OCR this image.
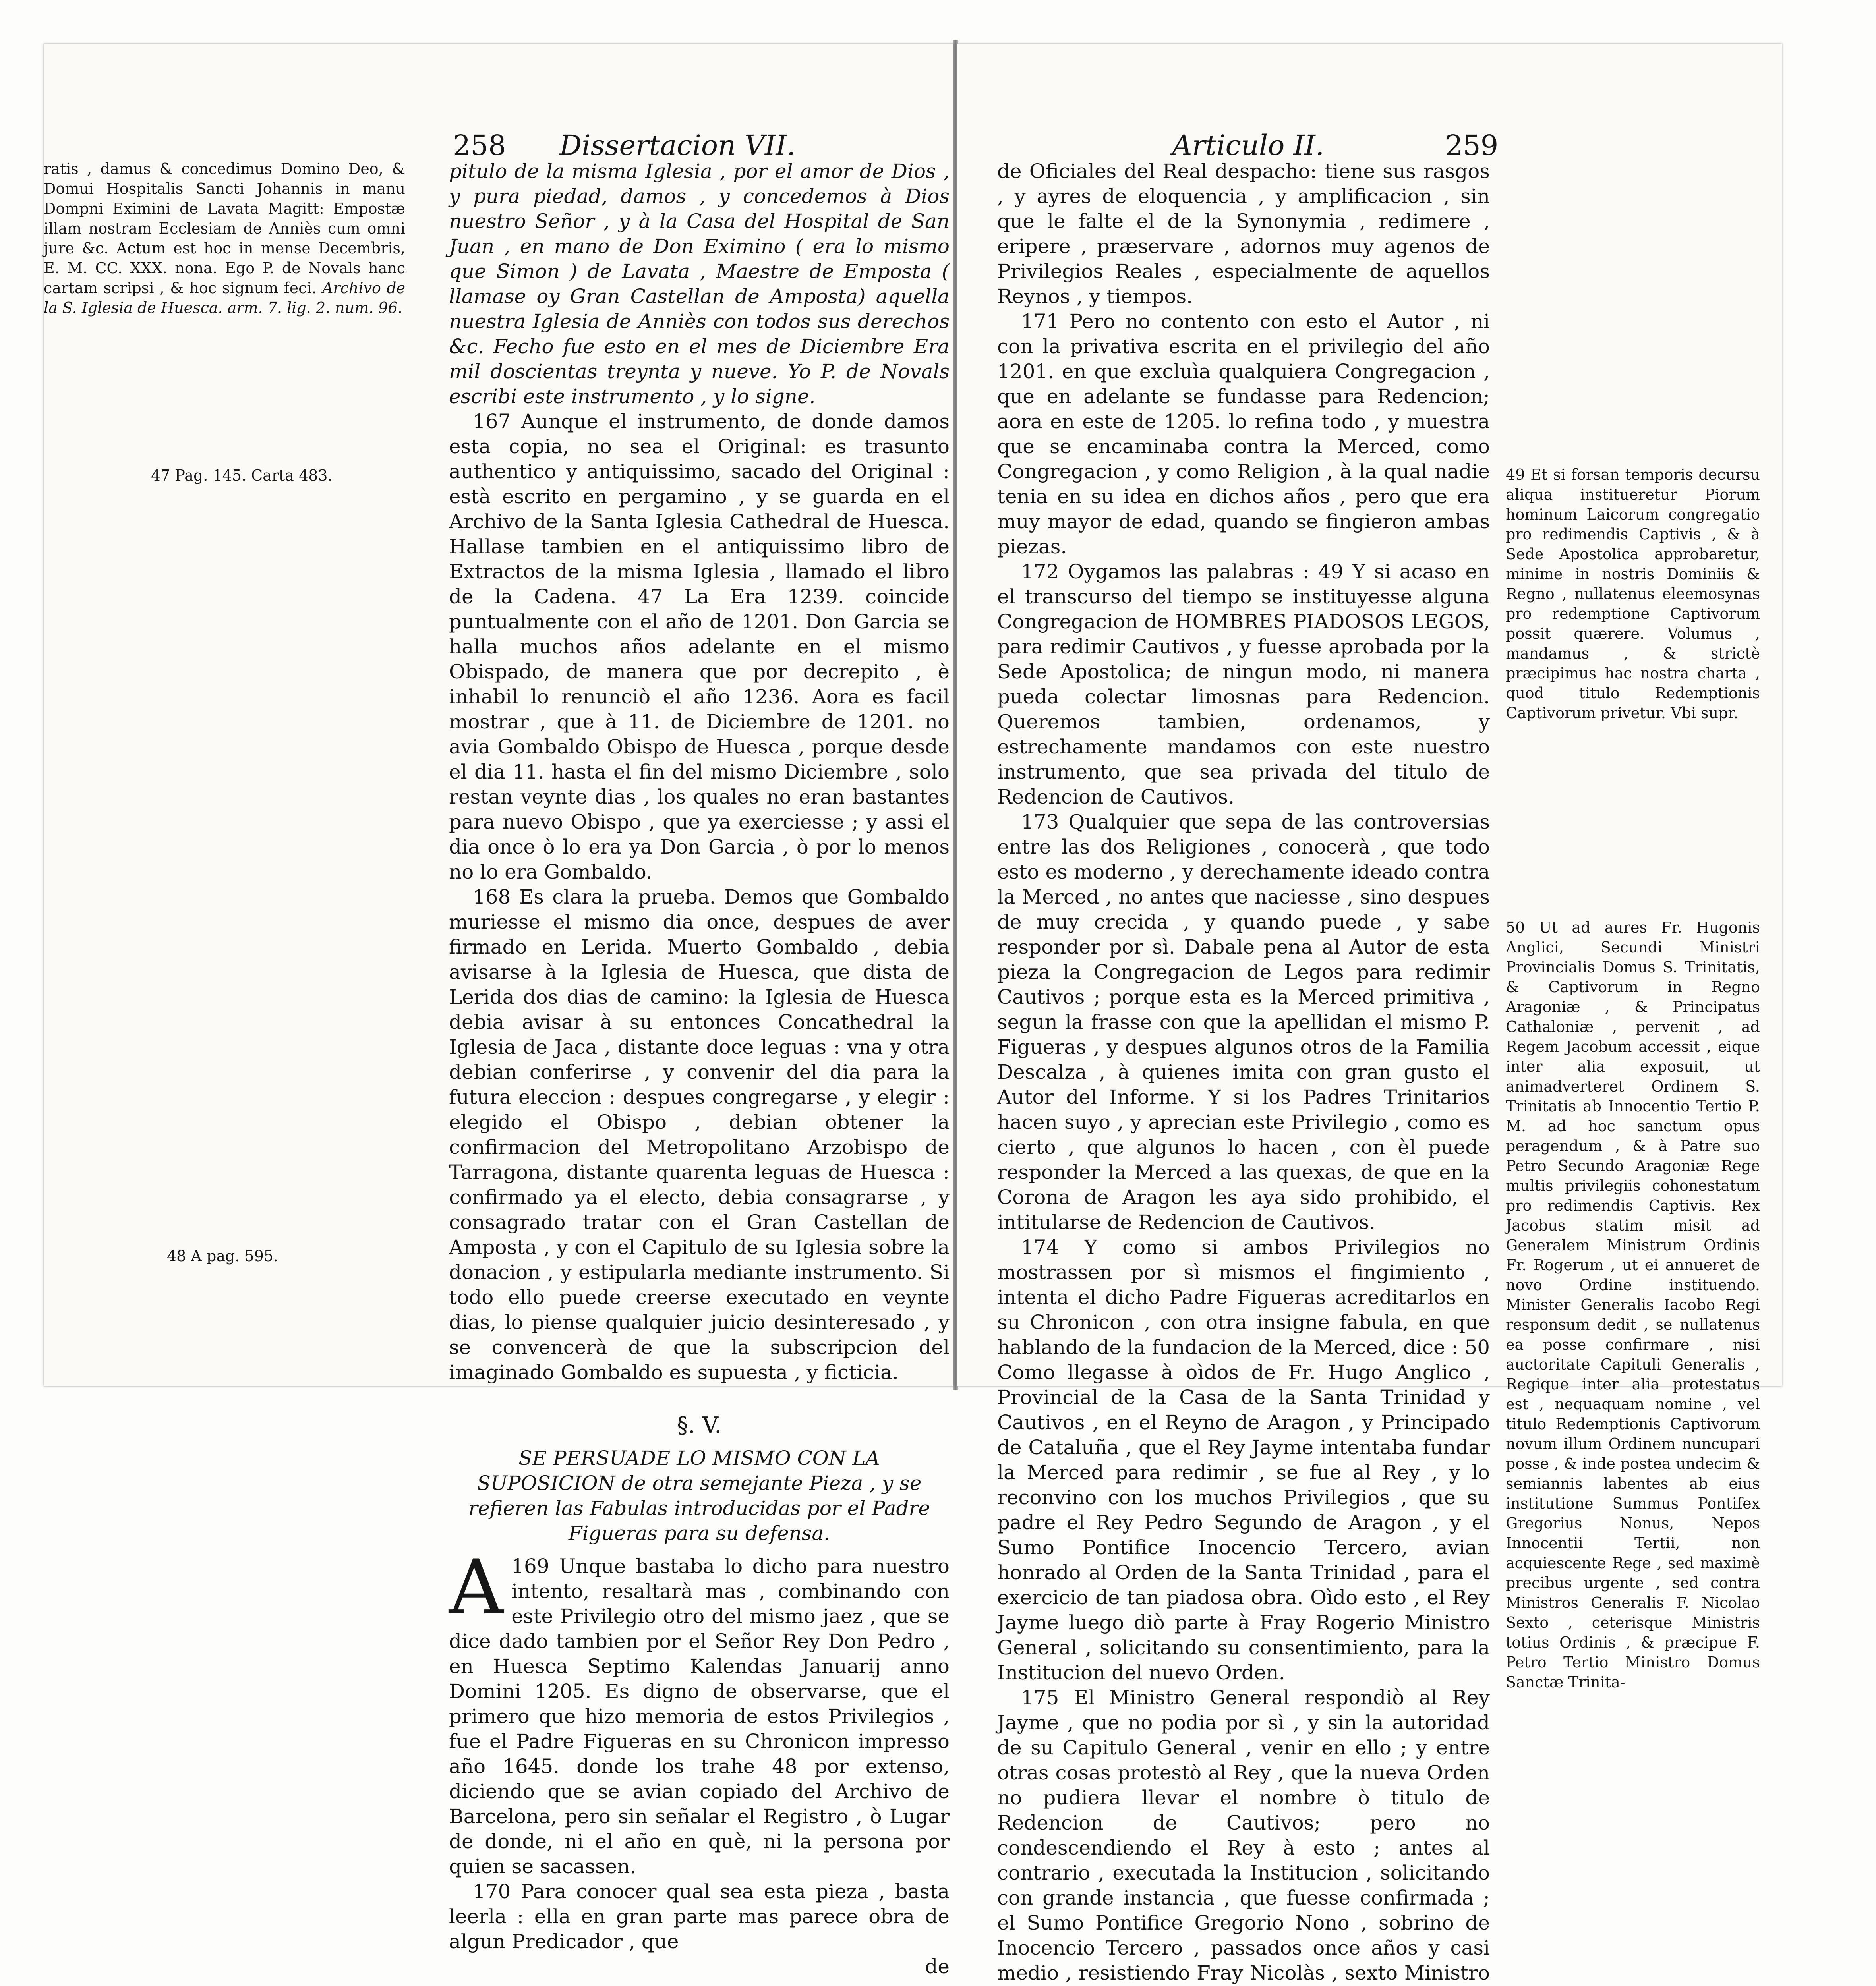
258 Dissertacion VII.

ratis , damus & concedimus Domino Deo, & Domui Hospitalis Sancti Johannis in manu Dompni Eximini de Lavata Magitt: Empostæ illam nostram Ecclesiam de Anniès cum omni jure &c. Actum est hoc in mense Decembris, E. M. CC. XXX. nona. Ego P. de Novals hanc cartam scripsi , & hoc signum feci. Archivo de la S. Iglesia de Huesca. arm. 7. lig. 2. num. 96.

47 Pag. 145. Carta 483.
48 A pag. 595.

pitulo de la misma Iglesia , por el amor de Dios , y pura piedad, damos , y concedemos à Dios nuestro Señor , y à la Casa del Hospital de San Juan , en mano de Don Eximino ( era lo mismo que Simon ) de Lavata , Maestre de Emposta ( llamase oy Gran Castellan de Amposta) aquella nuestra Iglesia de Anniès con todos sus derechos &c. Fecho fue esto en el mes de Diciembre Era mil doscientas treynta y nueve. Yo P. de Novals escribi este instrumento , y lo signe.

167 Aunque el instrumento, de donde damos esta copia, no sea el Original: es trasunto authentico y antiquissimo, sacado del Original : està escrito en pergamino , y se guarda en el Archivo de la Santa Iglesia Cathedral de Huesca. Hallase tambien en el antiquissimo libro de Extractos de la misma Iglesia , llamado el libro de la Cadena. 47 La Era 1239. coincide puntualmente con el año de 1201. Don Garcia se halla muchos años adelante en el mismo Obispado, de manera que por decrepito , è inhabil lo renunciò el año 1236. Aora es facil mostrar , que à 11. de Diciembre de 1201. no avia Gombaldo Obispo de Huesca , porque desde el dia 11. hasta el fin del mismo Diciembre , solo restan veynte dias , los quales no eran bastantes para nuevo Obispo , que ya exerciesse ; y assi el dia once ò lo era ya Don Garcia , ò por lo menos no lo era Gombaldo.

168 Es clara la prueba. Demos que Gombaldo muriesse el mismo dia once, despues de aver firmado en Lerida. Muerto Gombaldo , debia avisarse à la Iglesia de Huesca, que dista de Lerida dos dias de camino: la Iglesia de Huesca debia avisar à su entonces Concathedral la Iglesia de Jaca , distante doce leguas : vna y otra debian conferirse , y convenir del dia para la futura eleccion : despues congregarse , y elegir : elegido el Obispo , debian obtener la confirmacion del Metropolitano Arzobispo de Tarragona, distante quarenta leguas de Huesca : confirmado ya el electo, debia consagrarse , y consagrado tratar con el Gran Castellan de Amposta , y con el Capitulo de su Iglesia sobre la donacion , y estipularla mediante instrumento. Si todo ello puede creerse executado en veynte dias, lo piense qualquier juicio desinteresado , y se convencerà de que la subscripcion del imaginado Gombaldo es supuesta , y ficticia.

§. V.

SE PERSUADE LO MISMO CON LA SUPOSICION de otra semejante Pieza , y se refieren las Fabulas introducidas por el Padre Figueras para su defensa.

169
A	Unque bastaba lo dicho para nuestro intento, resaltarà mas , combinando con este Privilegio otro del mismo jaez , que se dice dado tambien por el Señor Rey Don Pedro , en Huesca Septimo Kalendas Januarij anno Domini 1205. Es digno de observarse, que el primero que hizo memoria de estos Privilegios , fue el Padre Figueras en su Chronicon impresso año 1645. donde los trahe 48 por extenso, diciendo que se avian copiado del Archivo de Barcelona, pero sin señalar el Registro , ò Lugar de donde, ni el año en què, ni la persona por quien se sacassen.

170 Para conocer qual sea esta pieza , basta leerla : ella en gran parte mas parece obra de algun Predicador , que

de

Articulo II.	259

de Oficiales del Real despacho: tiene sus rasgos , y ayres de eloquencia , y amplificacion , sin que le falte el de la Synonymia , redimere , eripere , præservare , adornos muy agenos de Privilegios Reales , especialmente de aquellos Reynos , y tiempos.

171 Pero no contento con esto el Autor , ni con la privativa escrita en el privilegio del año 1201. en que excluìa qualquiera Congregacion , que en adelante se fundasse para Redencion; aora en este de 1205. lo refina todo , y muestra que se encaminaba contra la Merced, como Congregacion , y como Religion , à la qual nadie tenia en su idea en dichos años , pero que era muy mayor de edad, quando se fingieron ambas piezas.

172 Oygamos las palabras : 49 Y si acaso en el transcurso del tiempo se instituyesse alguna Congregacion de HOMBRES PIADOSOS LEGOS, para redimir Cautivos , y fuesse aprobada por la Sede Apostolica; de ningun modo, ni manera pueda colectar limosnas para Redencion. Queremos tambien, ordenamos, y estrechamente mandamos con este nuestro instrumento, que sea privada del titulo de Redencion de Cautivos.

173 Qualquier que sepa de las controversias entre las dos Religiones , conocerà , que todo esto es moderno , y derechamente ideado contra la Merced , no antes que naciesse , sino despues de muy crecida , y quando puede , y sabe responder por sì. Dabale pena al Autor de esta pieza la Congregacion de Legos para redimir Cautivos ; porque esta es la Merced primitiva , segun la frasse con que la apellidan el mismo P. Figueras , y despues algunos otros de la Familia Descalza , à quienes imita con gran gusto el Autor del Informe. Y si los Padres Trinitarios hacen suyo , y aprecian este Privilegio , como es cierto , que algunos lo hacen , con èl puede responder la Merced a las quexas, de que en la Corona de Aragon les aya sido prohibido, el intitularse de Redencion de Cautivos.

174 Y como si ambos Privilegios no mostrassen por sì mismos el fingimiento , intenta el dicho Padre Figueras acreditarlos en su Chronicon , con otra insigne fabula, en que hablando de la fundacion de la Merced, dice : 50 Como llegasse à oìdos de Fr. Hugo Anglico , Provincial de la Casa de la Santa Trinidad y Cautivos , en el Reyno de Aragon , y Principado de Cataluña , que el Rey Jayme intentaba fundar la Merced para redimir , se fue al Rey , y lo reconvino con los muchos Privilegios , que su padre el Rey Pedro Segundo de Aragon , y el Sumo Pontifice Inocencio Tercero, avian honrado al Orden de la Santa Trinidad , para el exercicio de tan piadosa obra. Oìdo esto , el Rey Jayme luego diò parte à Fray Rogerio Ministro General , solicitando su consentimiento, para la Institucion del nuevo Orden.

175 El Ministro General respondiò al Rey Jayme , que no podia por sì , y sin la autoridad de su Capitulo General , venir en ello ; y entre otras cosas protestò al Rey , que la nueva Orden no pudiera llevar el nombre ò titulo de Redencion de Cautivos; pero no condescendiendo el Rey à esto ; antes al contrario , executada la Institucion , solicitando con grande instancia , que fuesse confirmada ; el Sumo Pontifice Gregorio Nono , sobrino de Inocencio Tercero , passados once años y casi medio , resistiendo Fray Nicolàs , sexto Ministro

49 Et si forsan temporis decursu aliqua institueretur Piorum hominum Laicorum congregatio pro redimendis Captivis , & à Sede Apostolica approbaretur, minime in nostris Dominiis & Regno , nullatenus eleemosynas pro redemptione Captivorum possit quærere. Volumus , mandamus , & strictè præcipimus hac nostra charta , quod titulo Redemptionis Captivorum privetur. Vbi supr.

50 Ut ad aures Fr. Hugonis Anglici, Secundi Ministri Provincialis Domus S. Trinitatis, & Captivorum in Regno Aragoniæ , & Principatus Cathaloniæ , pervenit , ad Regem Jacobum accessit , eique inter alia exposuit, ut animadverteret Ordinem S. Trinitatis ab Innocentio Tertio P. M. ad hoc sanctum opus peragendum , & à Patre suo Petro Secundo Aragoniæ Rege multis privilegiis cohonestatum pro redimendis Captivis. Rex Jacobus statim misit ad Generalem Ministrum Ordinis Fr. Rogerum , ut ei annueret de novo Ordine instituendo. Minister Generalis Iacobo Regi responsum dedit , se nullatenus ea posse confirmare , nisi auctoritate Capituli Generalis , Regique inter alia protestatus est , nequaquam nomine , vel titulo Redemptionis Captivorum novum illum Ordinem nuncupari posse , & inde postea undecim & semiannis labentes ab eius institutione Summus Pontifex Gregorius Nonus, Nepos Innocentii Tertii, non acquiescente Rege , sed maximè precibus urgente , sed contra Ministros Generalis F. Nicolao Sexto , ceterisque Ministris totius Ordinis , & præcipue F. Petro Tertio Ministro Domus Sanctæ Trinita-
